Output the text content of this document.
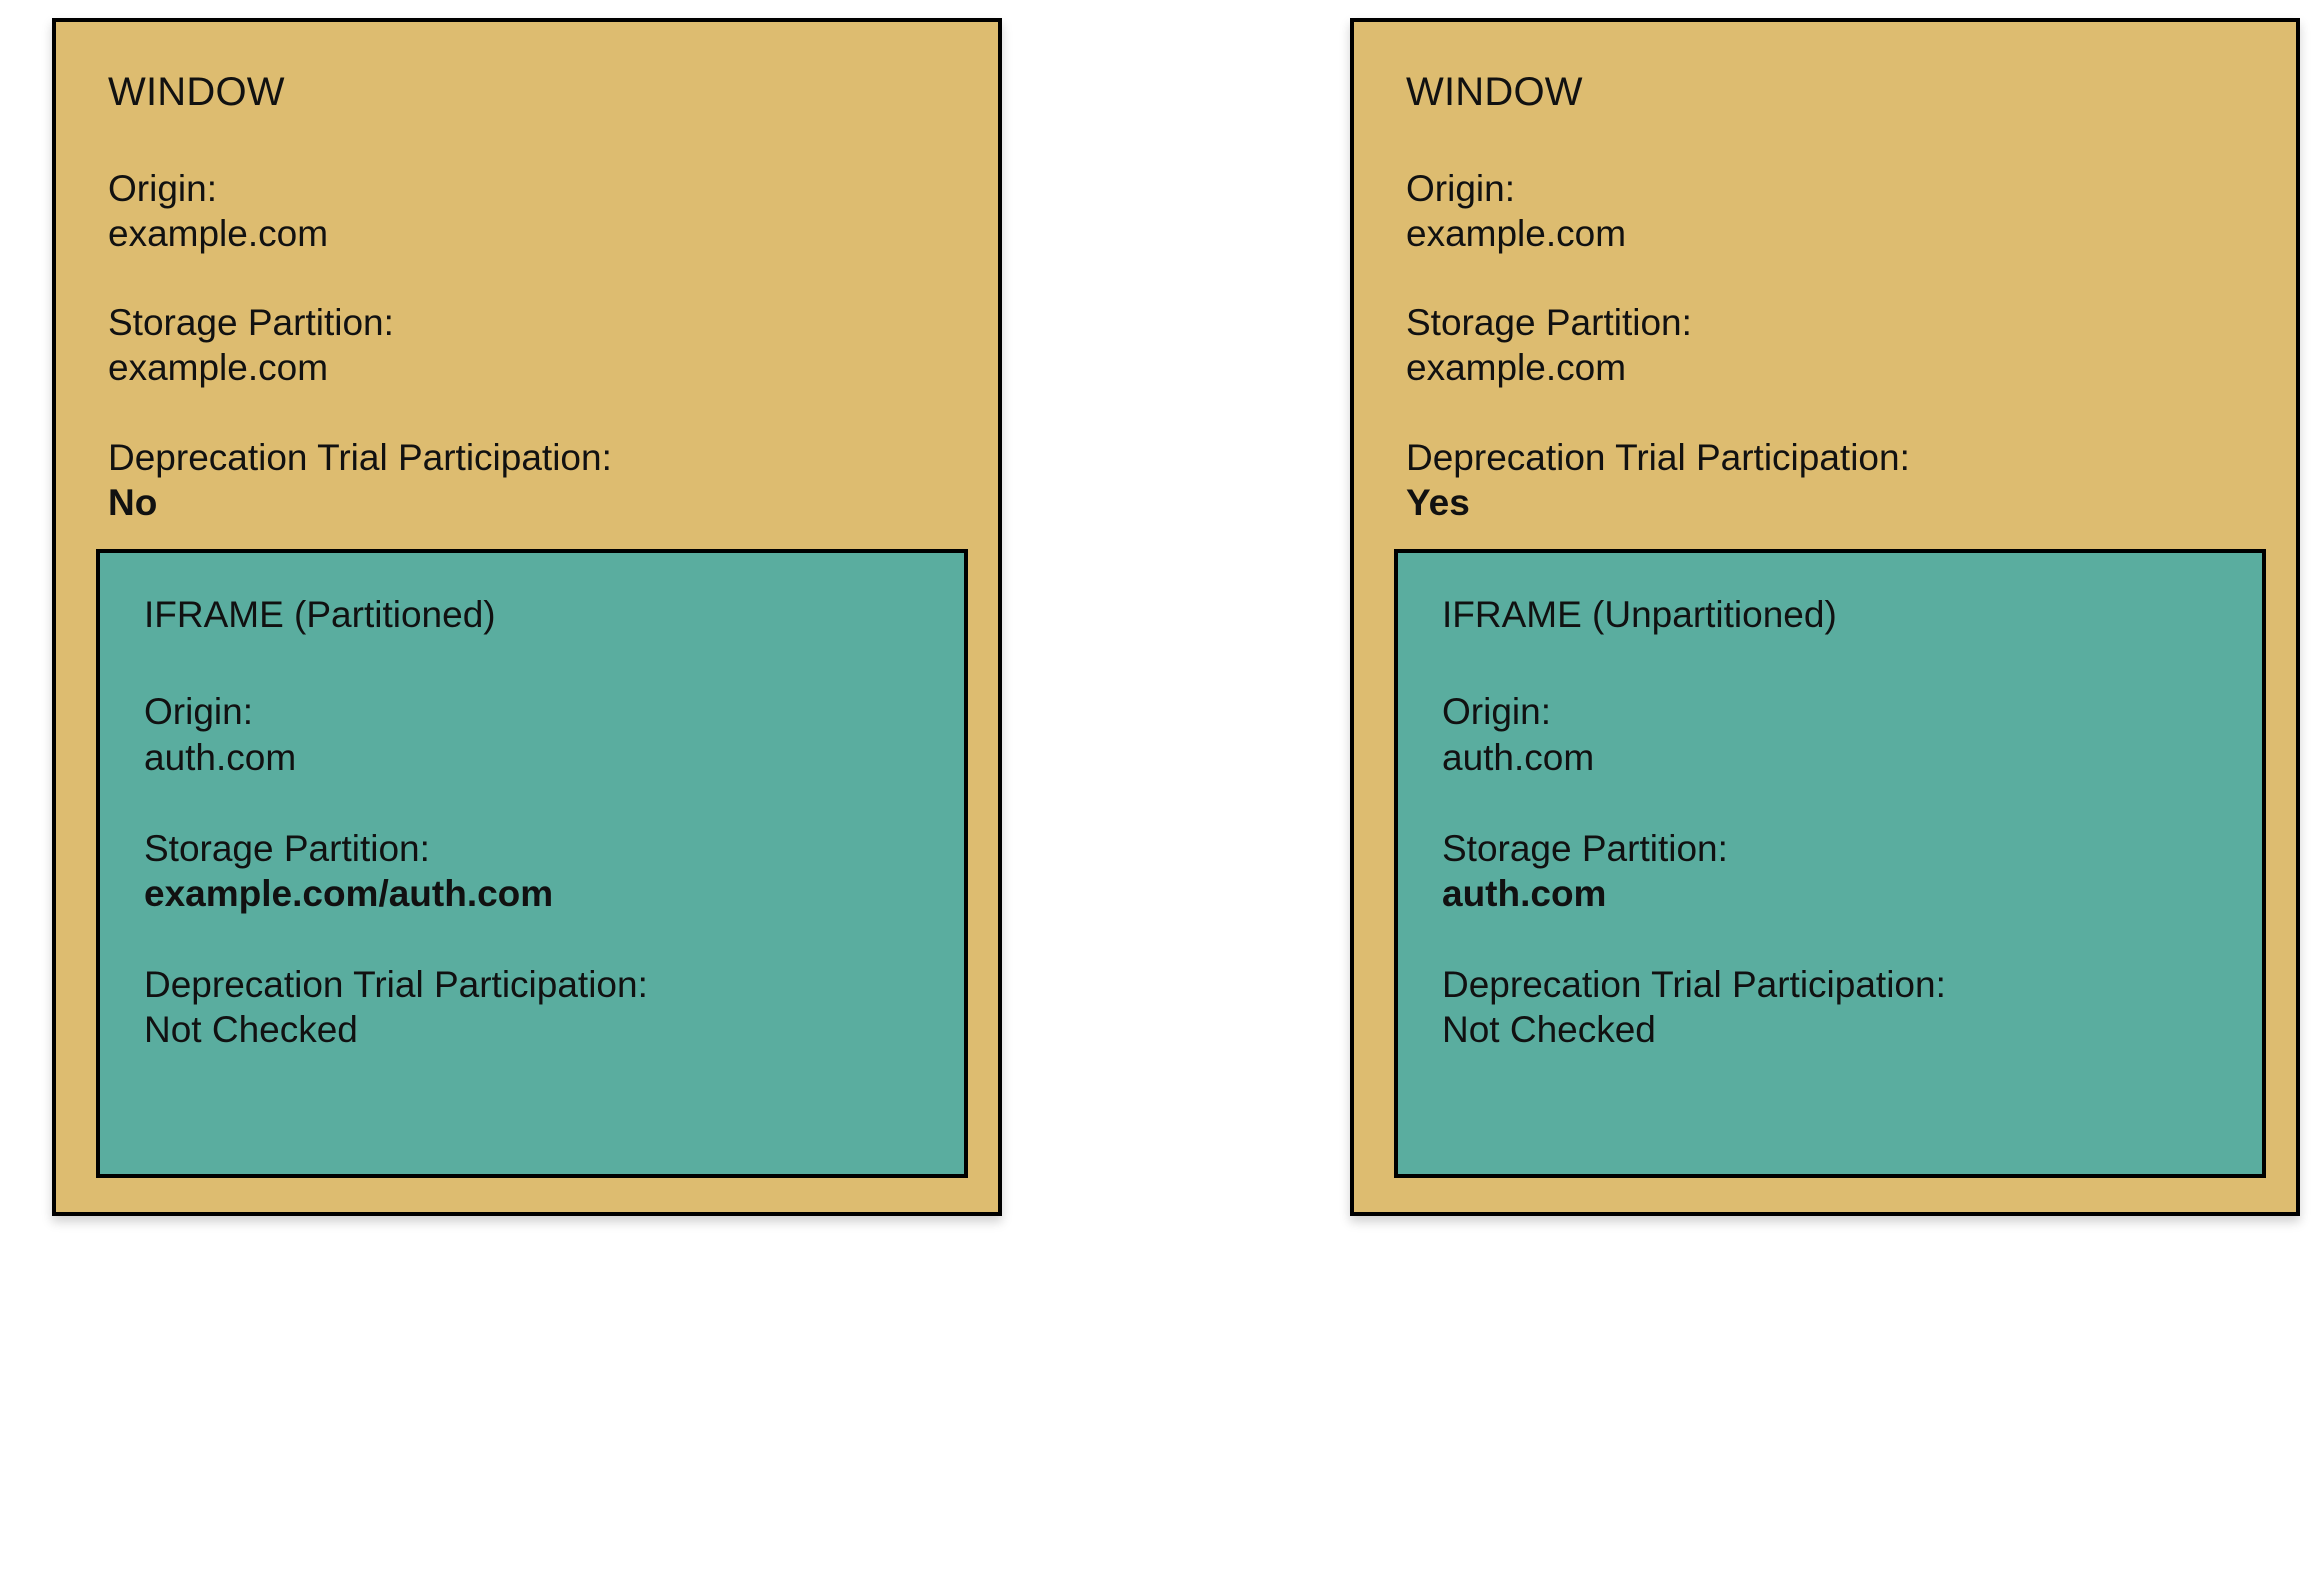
WINDOW
Origin:
example.com
Storage Partition:
example.com
Deprecation Trial Participation:
No
IFRAME (Partitioned)
Origin:
auth.com
Storage Partition:
example.com/auth.com
Deprecation Trial Participation:
Not Checked
WINDOW
Origin:
example.com
Storage Partition:
example.com
Deprecation Trial Participation:
Yes
IFRAME (Unpartitioned)
Origin:
auth.com
Storage Partition:
auth.com
Deprecation Trial Participation:
Not Checked
